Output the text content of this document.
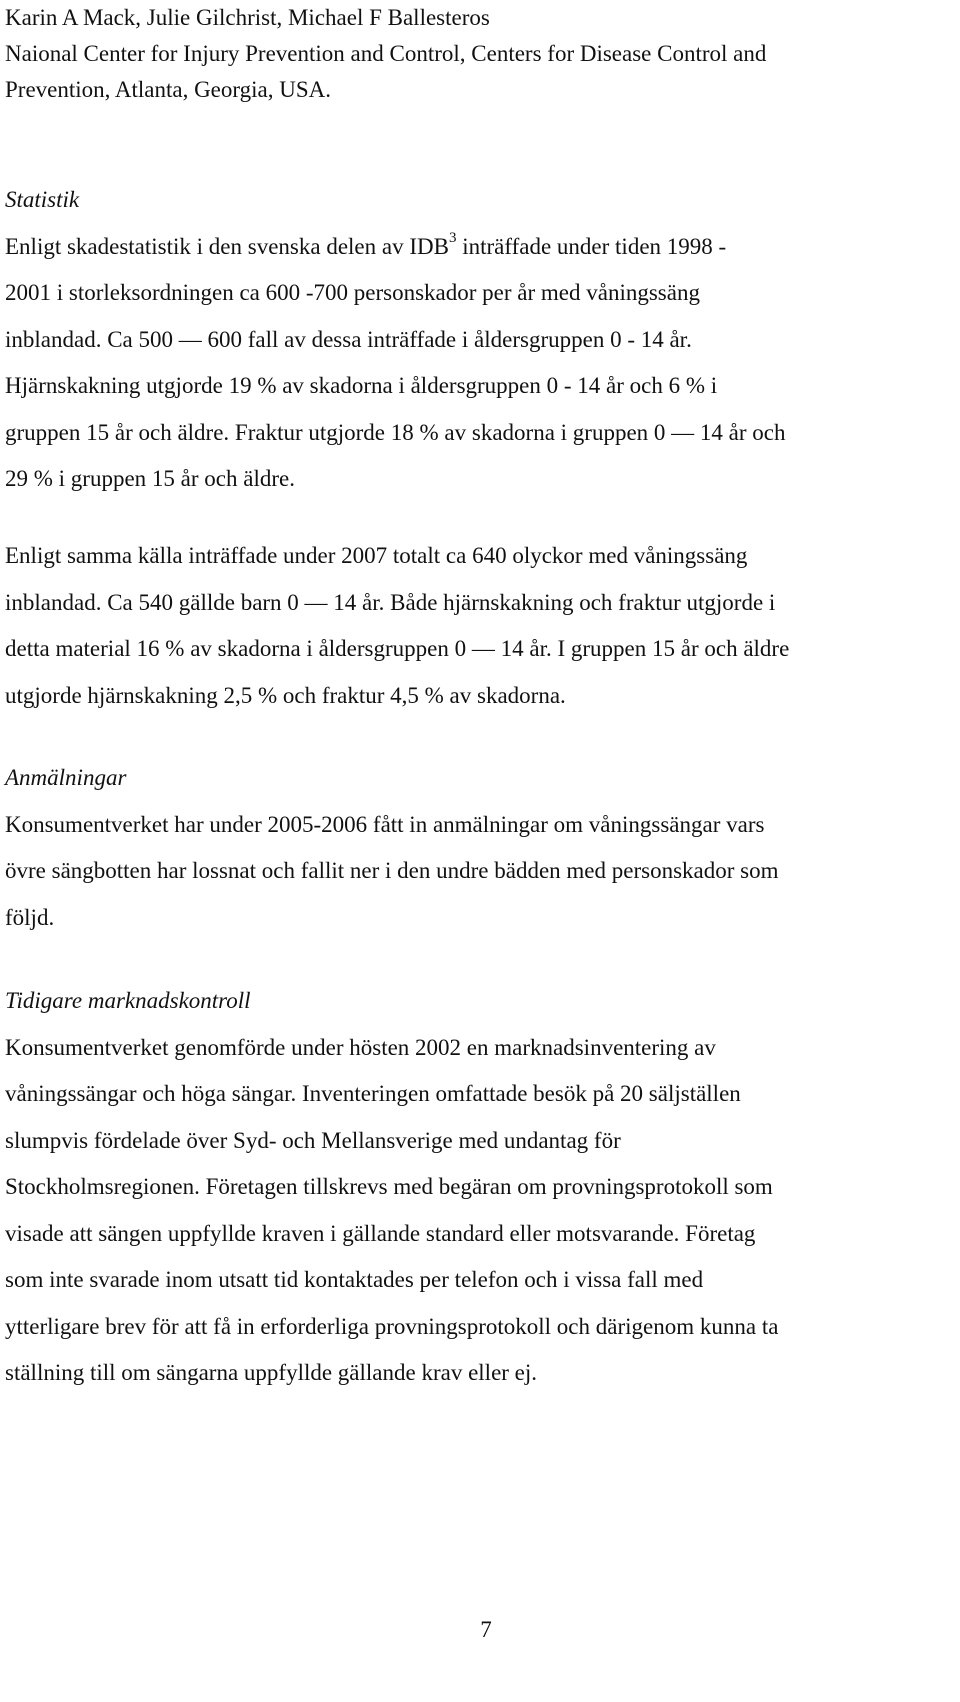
Karin A Mack, Julie Gilchrist, Michael F Ballesteros
Naional Center for Injury Prevention and Control, Centers for Disease Control and
Prevention, Atlanta, Georgia, USA.
Statistik
Enligt skadestatistik i den svenska delen av IDB$^3$ inträffade under tiden 1998 -
2001 i storleksordningen ca 600 -700 personskador per år med våningssäng
inblandad. Ca 500 — 600 fall av dessa inträffade i åldersgruppen 0 - 14 år.
Hjärnskakning utgjorde 19 % av skadorna i åldersgruppen 0 - 14 år och 6 % i
gruppen 15 år och äldre. Fraktur utgjorde 18 % av skadorna i gruppen 0 — 14 år och
29 % i gruppen 15 år och äldre.
Enligt samma källa inträffade under 2007 totalt ca 640 olyckor med våningssäng
inblandad. Ca 540 gällde barn 0 — 14 år. Både hjärnskakning och fraktur utgjorde i
detta material 16 % av skadorna i åldersgruppen 0 — 14 år. I gruppen 15 år och äldre
utgjorde hjärnskakning 2,5 % och fraktur 4,5 % av skadorna.
Anmälningar
Konsumentverket har under 2005-2006 fått in anmälningar om våningssängar vars
övre sängbotten har lossnat och fallit ner i den undre bädden med personskador som
följd.
Tidigare marknadskontroll
Konsumentverket genomförde under hösten 2002 en marknadsinventering av
våningssängar och höga sängar. Inventeringen omfattade besök på 20 säljställen
slumpvis fördelade över Syd- och Mellansverige med undantag för
Stockholmsregionen. Företagen tillskrevs med begäran om provningsprotokoll som
visade att sängen uppfyllde kraven i gällande standard eller motsvarande. Företag
som inte svarade inom utsatt tid kontaktades per telefon och i vissa fall med
ytterligare brev för att få in erforderliga provningsprotokoll och därigenom kunna ta
ställning till om sängarna uppfyllde gällande krav eller ej.
7
